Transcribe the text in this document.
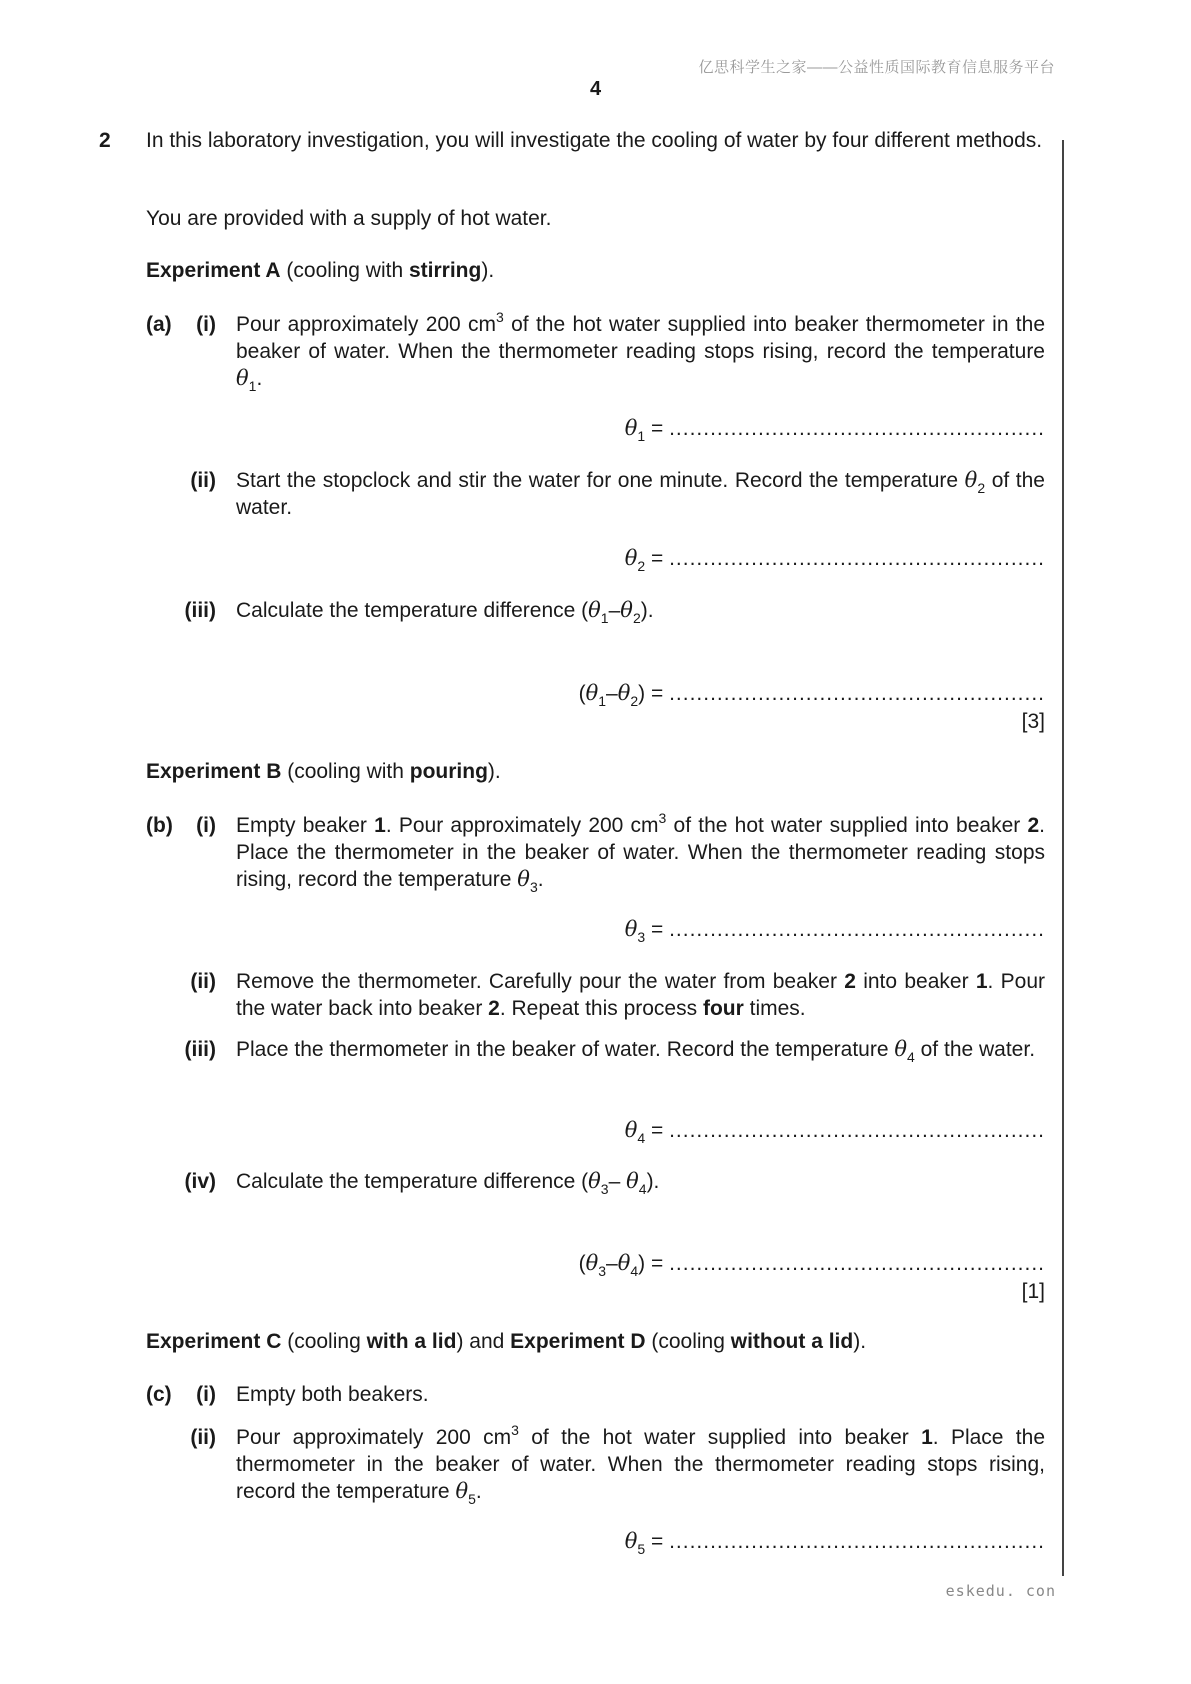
亿思科学生之家——公益性质国际教育信息服务平台
4
2 In this laboratory investigation, you will investigate the cooling of water by four different methods.
You are provided with a supply of hot water.
Experiment A (cooling with stirring).
(a)	(i) Pour approximately 200 $cm^3$ of the hot water supplied into beaker thermometer in the beaker of water. When the thermometer reading stops rising, record the temperature $\theta_1$.
$\theta_1$ = .......................................................
(ii) Start the stopclock and stir the water for one minute. Record the temperature $\theta_2$ of the water.
$\theta_2$ = .......................................................
(iii) Calculate the temperature difference $(\theta_1-\theta_2)$.
$(\theta_1-\theta_2)$ = .......................................................
[3]
Experiment B (cooling with pouring).
(b)	(i) Empty beaker 1. Pour approximately 200 $cm^3$ of the hot water supplied into beaker 2. Place the thermometer in the beaker of water. When the thermometer reading stops rising, record the temperature $\theta_3$.
$\theta_3$ = .......................................................
(ii) Remove the thermometer. Carefully pour the water from beaker 2 into beaker 1. Pour the water back into beaker 2. Repeat this process four times.
(iii) Place the thermometer in the beaker of water. Record the temperature $\theta_4$ of the water.
$\theta_4$ = .......................................................
(iv) Calculate the temperature difference ($\theta_3-$ $\theta_4$).
$(\theta_3-\theta_4)$ = .......................................................
[1]
Experiment C (cooling with a lid) and Experiment D (cooling without a lid).
(c)	(i) Empty both beakers.
(ii) Pour approximately 200 $cm^3$ of the hot water supplied into beaker 1. Place the thermometer in the beaker of water. When the thermometer reading stops rising, record the temperature $\theta_5$.
$\theta_5$ = .......................................................
eskedu. con
